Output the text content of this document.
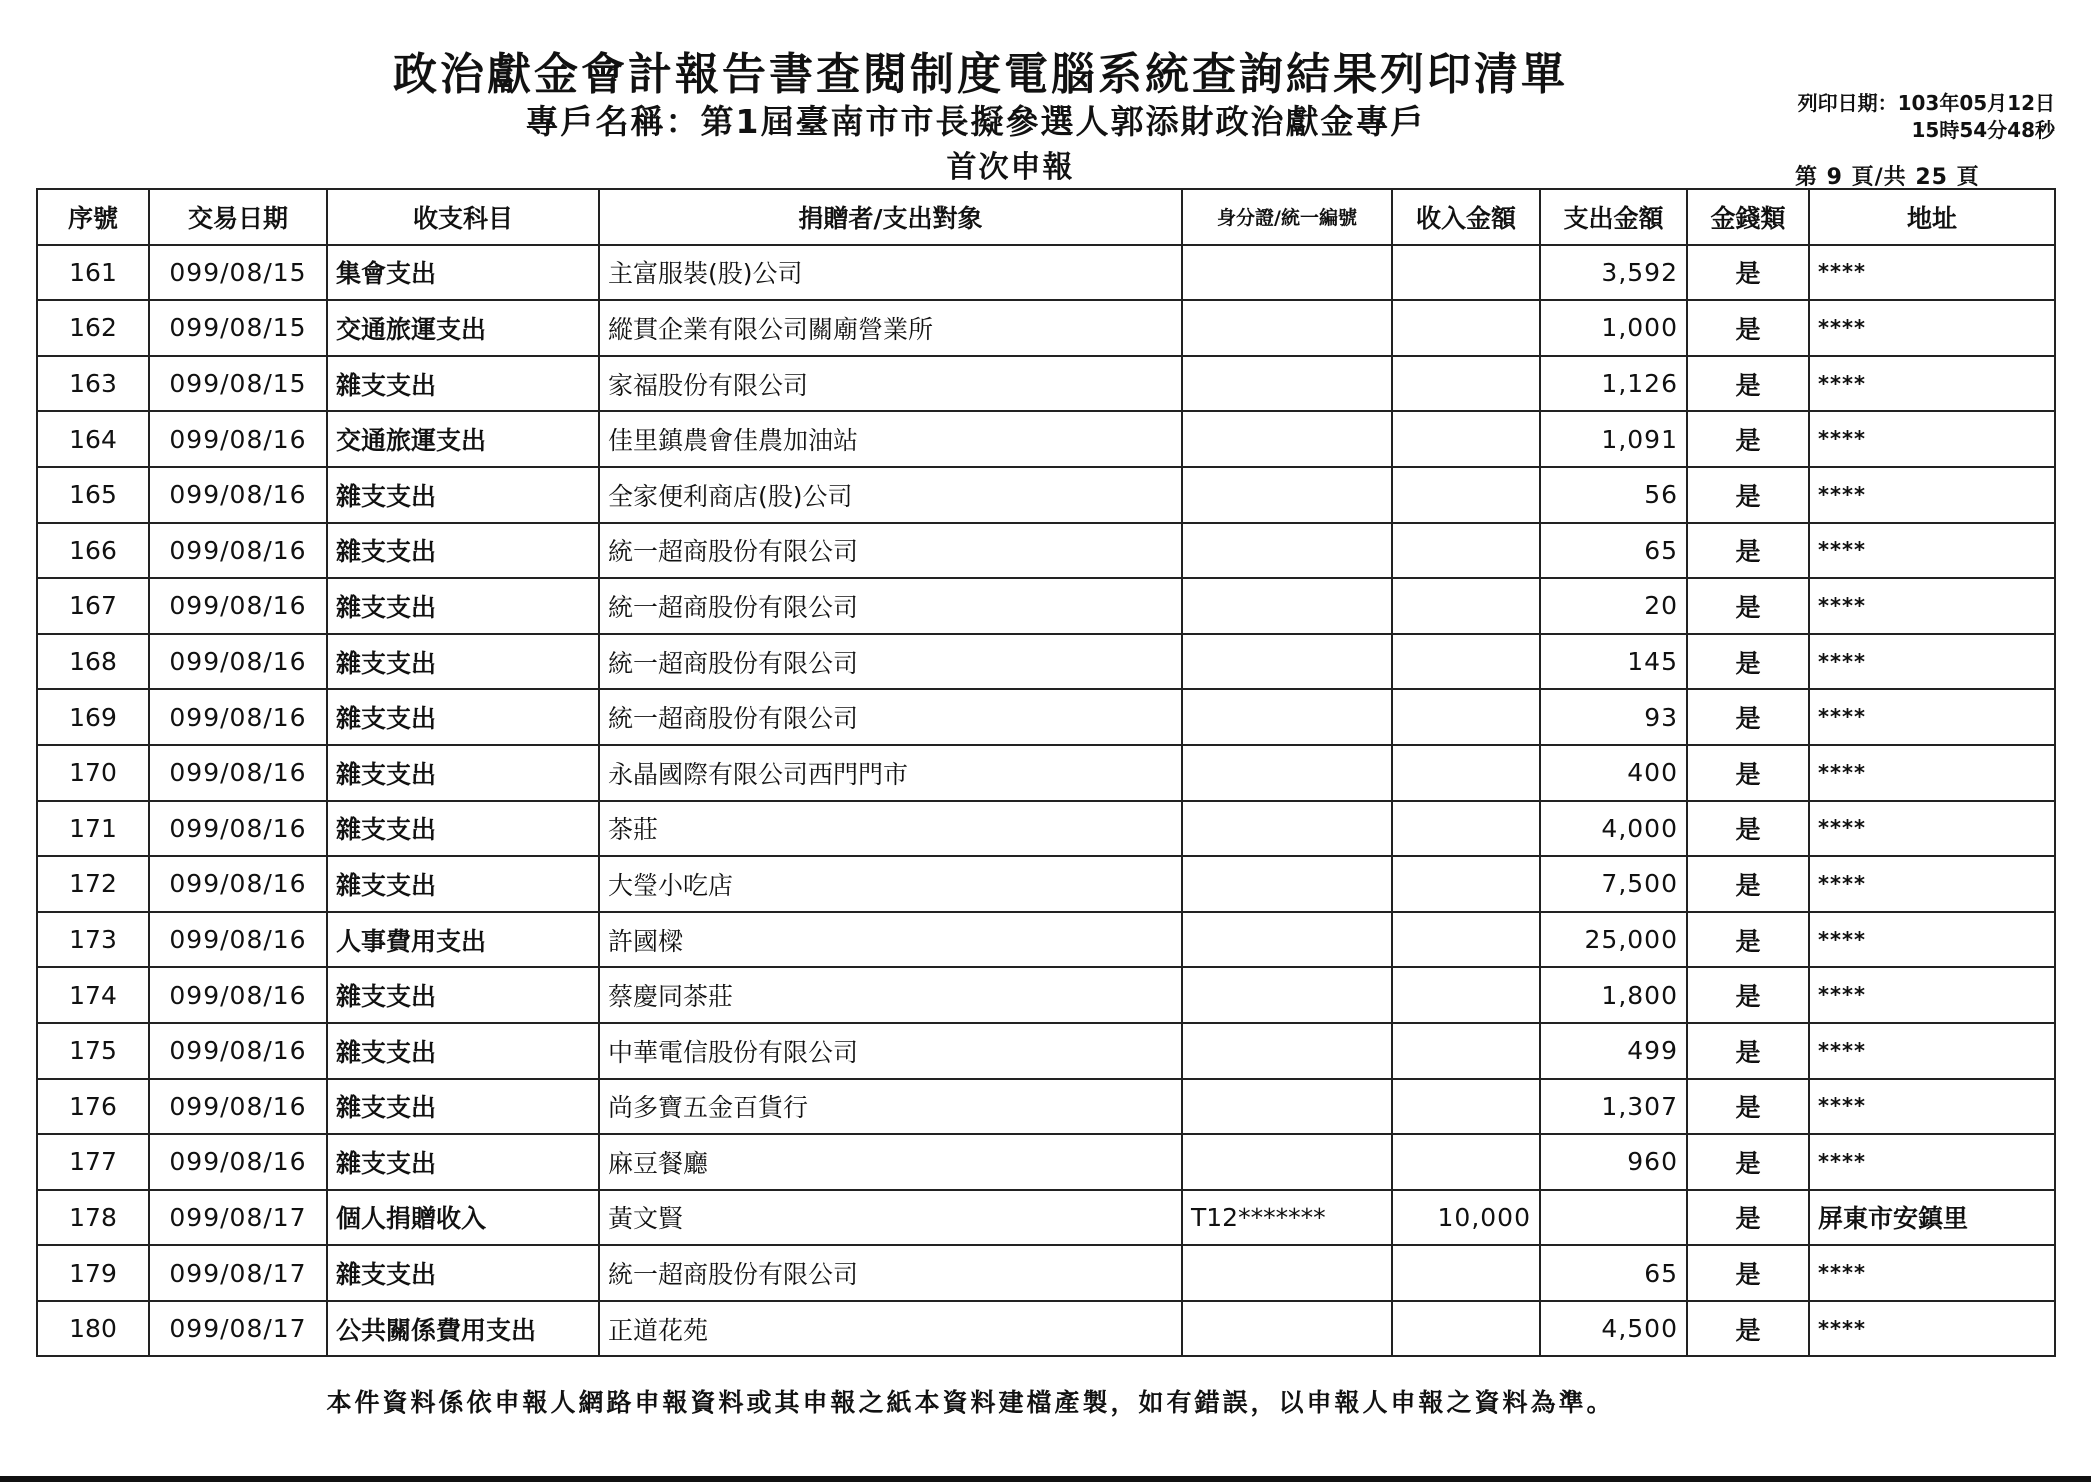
政治獻金會計報告書查閱制度電腦系統查詢結果列印清單
專戶名稱：第1屆臺南市市長擬參選人郭添財政治獻金專戶
首次申報
列印日期：103年05月12日
15時54分48秒
第 9 頁/共 25 頁
序號	交易日期	收支科目	捐贈者/支出對象	身分證/統一編號	收入金額	支出金額	金錢類	地址
161	099/08/15	集會支出	主富服裝(股)公司			3,592	是	****
162	099/08/15	交通旅運支出	縱貫企業有限公司關廟營業所			1,000	是	****
163	099/08/15	雜支支出	家福股份有限公司			1,126	是	****
164	099/08/16	交通旅運支出	佳里鎮農會佳農加油站			1,091	是	****
165	099/08/16	雜支支出	全家便利商店(股)公司			56	是	****
166	099/08/16	雜支支出	統一超商股份有限公司			65	是	****
167	099/08/16	雜支支出	統一超商股份有限公司			20	是	****
168	099/08/16	雜支支出	統一超商股份有限公司			145	是	****
169	099/08/16	雜支支出	統一超商股份有限公司			93	是	****
170	099/08/16	雜支支出	永晶國際有限公司西門門市			400	是	****
171	099/08/16	雜支支出	茶莊			4,000	是	****
172	099/08/16	雜支支出	大瑩小吃店			7,500	是	****
173	099/08/16	人事費用支出	許國樑			25,000	是	****
174	099/08/16	雜支支出	蔡慶同茶莊			1,800	是	****
175	099/08/16	雜支支出	中華電信股份有限公司			499	是	****
176	099/08/16	雜支支出	尚多寶五金百貨行			1,307	是	****
177	099/08/16	雜支支出	麻豆餐廳			960	是	****
178	099/08/17	個人捐贈收入	黃文賢	T12*******	10,000		是	屏東市安鎮里
179	099/08/17	雜支支出	統一超商股份有限公司			65	是	****
180	099/08/17	公共關係費用支出	正道花苑			4,500	是	****
本件資料係依申報人網路申報資料或其申報之紙本資料建檔產製，如有錯誤，以申報人申報之資料為準。
